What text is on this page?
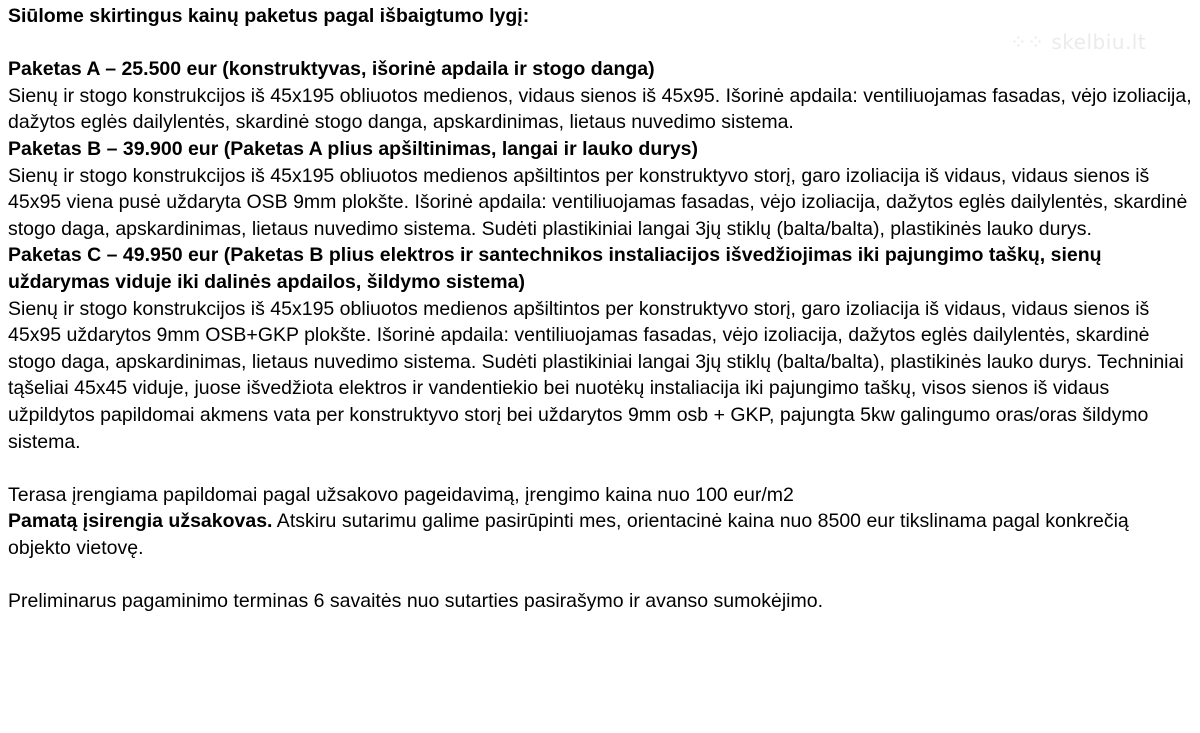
⁘⁘ skelbiu.lt

Siūlome skirtingus kainų paketus pagal išbaigtumo lygį:

Paketas A – 25.500 eur (konstruktyvas, išorinė apdaila ir stogo danga)

Sienų ir stogo konstrukcijos iš 45x195 obliuotos medienos, vidaus sienos iš 45x95. Išorinė apdaila: ventiliuojamas fasadas, vėjo izoliacija, dažytos eglės dailylentės, skardinė stogo danga, apskardinimas, lietaus nuvedimo sistema.

Paketas B – 39.900 eur (Paketas A plius apšiltinimas, langai ir lauko durys)

Sienų ir stogo konstrukcijos iš 45x195 obliuotos medienos apšiltintos per konstruktyvo storį, garo izoliacija iš vidaus, vidaus sienos iš 45x95 viena pusė uždaryta OSB 9mm plokšte. Išorinė apdaila: ventiliuojamas fasadas, vėjo izoliacija, dažytos eglės dailylentės, skardinė stogo daga, apskardinimas, lietaus nuvedimo sistema. Sudėti plastikiniai langai 3jų stiklų (balta/balta), plastikinės lauko durys.

Paketas C – 49.950 eur (Paketas B plius elektros ir santechnikos instaliacijos išvedžiojimas iki pajungimo taškų, sienų uždarymas viduje iki dalinės apdailos, šildymo sistema)

Sienų ir stogo konstrukcijos iš 45x195 obliuotos medienos apšiltintos per konstruktyvo storį, garo izoliacija iš vidaus, vidaus sienos iš 45x95 uždarytos 9mm OSB+GKP plokšte. Išorinė apdaila: ventiliuojamas fasadas, vėjo izoliacija, dažytos eglės dailylentės, skardinė stogo daga, apskardinimas, lietaus nuvedimo sistema. Sudėti plastikiniai langai 3jų stiklų (balta/balta), plastikinės lauko durys. Techniniai tąšeliai 45x45 viduje, juose išvedžiota elektros ir vandentiekio bei nuotėkų instaliacija iki pajungimo taškų, visos sienos iš vidaus užpildytos papildomai akmens vata per konstruktyvo storį bei uždarytos 9mm osb + GKP, pajungta 5kw galingumo oras/oras šildymo sistema.

Terasa įrengiama papildomai pagal užsakovo pageidavimą, įrengimo kaina nuo 100 eur/m2

Pamatą įsirengia užsakovas. Atskiru sutarimu galime pasirūpinti mes, orientacinė kaina nuo 8500 eur tikslinama pagal konkrečią objekto vietovę.

Preliminarus pagaminimo terminas 6 savaitės nuo sutarties pasirašymo ir avanso sumokėjimo.
